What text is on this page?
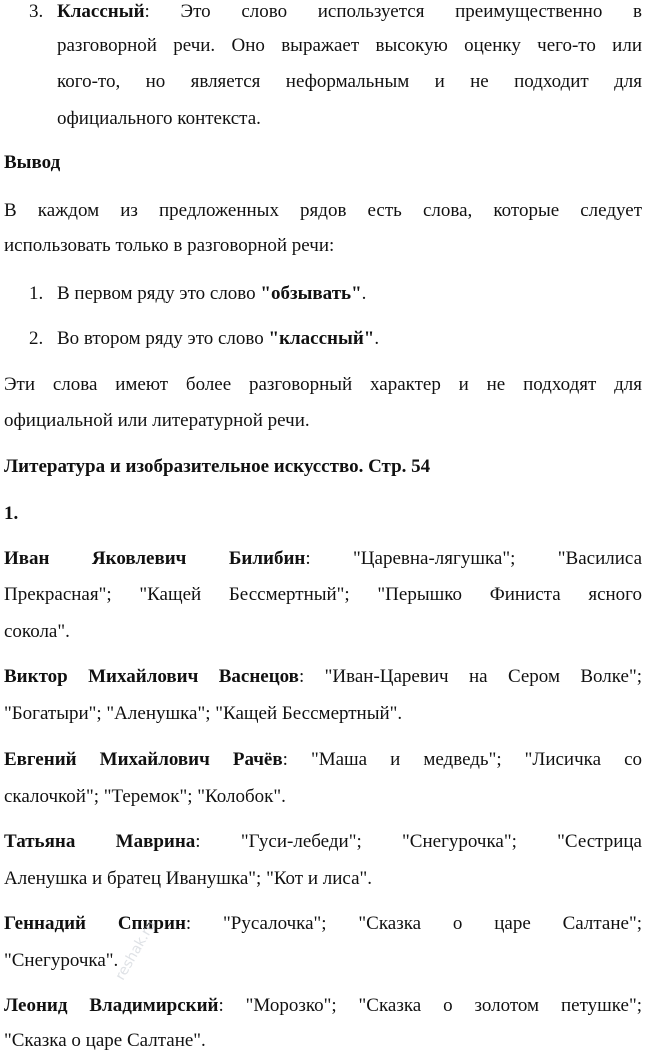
3. Классный: Это слово используется преимущественно в
разговорной речи. Оно выражает высокую оценку чего-то или
кого-то, но является неформальным и не подходит для
официального контекста.
Вывод
В каждом из предложенных рядов есть слова, которые следует
использовать только в разговорной речи:
1. В первом ряду это слово "обзывать".
2. Во втором ряду это слово "классный".
Эти слова имеют более разговорный характер и не подходят для
официальной или литературной речи.
Литература и изобразительное искусство. Стр. 54
1.
Иван Яковлевич Билибин: "Царевна-лягушка"; "Василиса
Прекрасная"; "Кащей Бессмертный"; "Перышко Финиста ясного
сокола".
Виктор Михайлович Васнецов: "Иван-Царевич на Сером Волке";
"Богатыри"; "Аленушка"; "Кащей Бессмертный".
Евгений Михайлович Рачёв: "Маша и медведь"; "Лисичка со
скалочкой"; "Теремок"; "Колобок".
Татьяна Маврина: "Гуси-лебеди"; "Снегурочка"; "Сестрица
Аленушка и братец Иванушка"; "Кот и лиса".
Геннадий Спирин: "Русалочка"; "Сказка о царе Салтане";
"Снегурочка".
Леонид Владимирский: "Морозко"; "Сказка о золотом петушке";
"Сказка о царе Салтане".
reshak.ru
